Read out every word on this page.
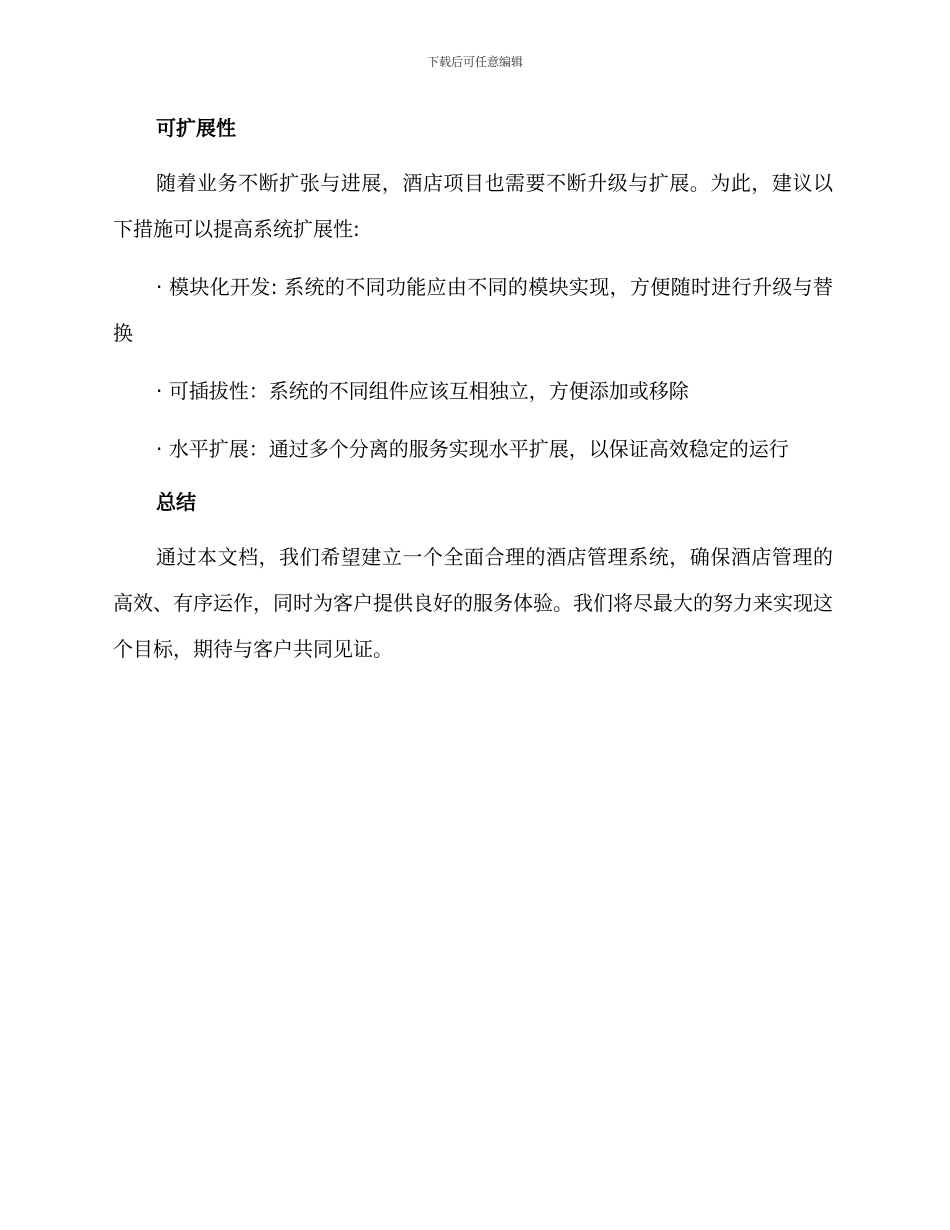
下载后可任意编辑
可扩展性

随着业务不断扩张与进展，酒店项目也需要不断升级与扩展。为此，建议以下措施可以提高系统扩展性:

· 模块化开发: 系统的不同功能应由不同的模块实现，方便随时进行升级与替换

· 可插拔性：系统的不同组件应该互相独立，方便添加或移除

· 水平扩展：通过多个分离的服务实现水平扩展，以保证高效稳定的运行

总结

通过本文档，我们希望建立一个全面合理的酒店管理系统，确保酒店管理的高效、有序运作，同时为客户提供良好的服务体验。我们将尽最大的努力来实现这个目标，期待与客户共同见证。
